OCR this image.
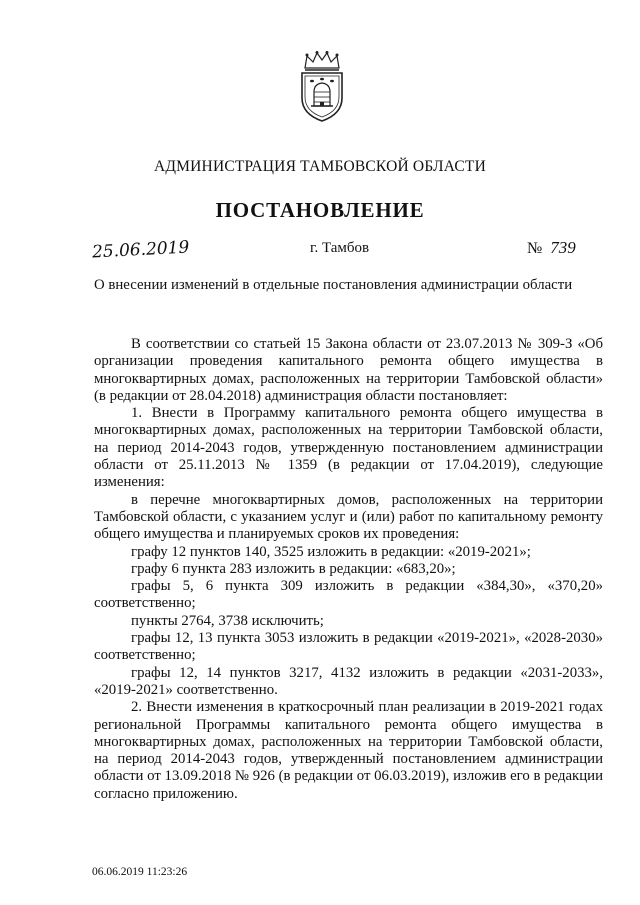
АДМИНИСТРАЦИЯ ТАМБОВСКОЙ ОБЛАСТИ
ПОСТАНОВЛЕНИЕ
25.06.2019	г. Тамбов	№ 739
О внесении изменений в отдельные постановления администрации области

В соответствии со статьей 15 Закона области от 23.07.2013 № 309-З «Об организации проведения капитального ремонта общего имущества в многоквартирных домах, расположенных на территории Тамбовской области» (в редакции от 28.04.2018) администрация области постановляет:

1. Внести в Программу капитального ремонта общего имущества в многоквартирных домах, расположенных на территории Тамбовской области, на период 2014-2043 годов, утвержденную постановлением администрации области от 25.11.2013 № 1359 (в редакции от 17.04.2019), следующие изменения:

в перечне многоквартирных домов, расположенных на территории Тамбовской области, с указанием услуг и (или) работ по капитальному ремонту общего имущества и планируемых сроков их проведения:

графу 12 пунктов 140, 3525 изложить в редакции: «2019-2021»;

графу 6 пункта 283 изложить в редакции: «683,20»;

графы 5, 6 пункта 309 изложить в редакции «384,30», «370,20» соответственно;

пункты 2764, 3738 исключить;

графы 12, 13 пункта 3053 изложить в редакции «2019-2021», «2028-2030» соответственно;

графы 12, 14 пунктов 3217, 4132 изложить в редакции «2031-2033», «2019-2021» соответственно.

2. Внести изменения в краткосрочный план реализации в 2019-2021 годах региональной Программы капитального ремонта общего имущества в многоквартирных домах, расположенных на территории Тамбовской области, на период 2014-2043 годов, утвержденный постановлением администрации области от 13.09.2018 № 926 (в редакции от 06.03.2019), изложив его в редакции согласно приложению.

06.06.2019 11:23:26
